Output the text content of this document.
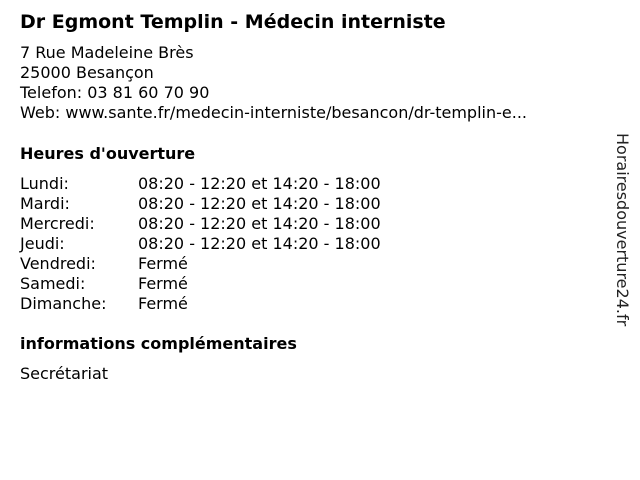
Dr Egmont Templin - Médecin interniste
7 Rue Madeleine Brès
25000 Besançon
Telefon: 03 81 60 70 90
Web: www.sante.fr/medecin-interniste/besancon/dr-templin-e...
Heures d'ouverture
Lundi:	08:20 - 12:20 et 14:20 - 18:00
Mardi:	08:20 - 12:20 et 14:20 - 18:00
Mercredi:	08:20 - 12:20 et 14:20 - 18:00
Jeudi:	08:20 - 12:20 et 14:20 - 18:00
Vendredi:	Fermé
Samedi:	Fermé
Dimanche:	Fermé
informations complémentaires
Secrétariat
Horairesdouverture24.fr
